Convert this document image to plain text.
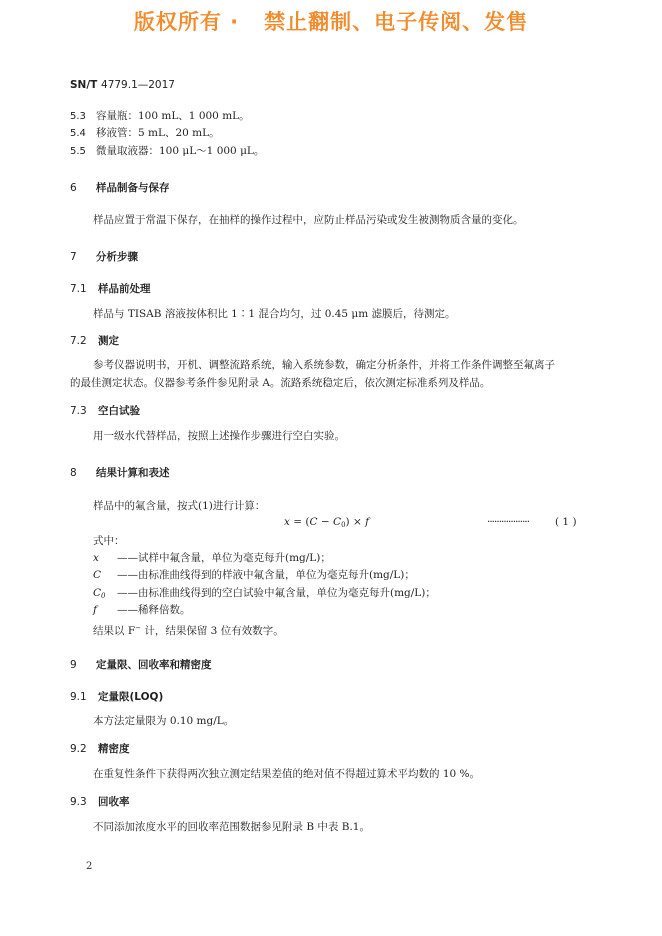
版权所有 ·   禁止翻制、电子传阅、发售
SN/T 4779.1—2017
5.3 容量瓶：100 mL、1 000 mL。
5.4 移液管：5 mL、20 mL。
5.5 微量取液器：100 μL～1 000 μL。
6 样品制备与保存
样品应置于常温下保存，在抽样的操作过程中，应防止样品污染或发生被测物质含量的变化。
7 分析步骤
7.1 样品前处理
样品与 TISAB 溶液按体积比 1∶1 混合均匀，过 0.45 μm 滤膜后，待测定。
7.2 测定
参考仪器说明书，开机、调整流路系统，输入系统参数，确定分析条件，并将工作条件调整至氟离子
的最佳测定状态。仪器参考条件参见附录 A。流路系统稳定后，依次测定标准系列及样品。
7.3 空白试验
用一级水代替样品，按照上述操作步骤进行空白实验。
8 结果计算和表述
样品中的氟含量，按式(1)进行计算：
$x = (C - C_0) \times f$	·················· ( 1 )
式中：
x ——试样中氟含量，单位为毫克每升(mg/L)；
C ——由标准曲线得到的样液中氟含量，单位为毫克每升(mg/L)；
$C_0$ ——由标准曲线得到的空白试验中氟含量，单位为毫克每升(mg/L)；
f ——稀释倍数。
结果以 F− 计，结果保留 3 位有效数字。
9 定量限、回收率和精密度
9.1 定量限(LOQ)
本方法定量限为 0.10 mg/L。
9.2 精密度
在重复性条件下获得两次独立测定结果差值的绝对值不得超过算术平均数的 10 %。
9.3 回收率
不同添加浓度水平的回收率范围数据参见附录 B 中表 B.1。
2
